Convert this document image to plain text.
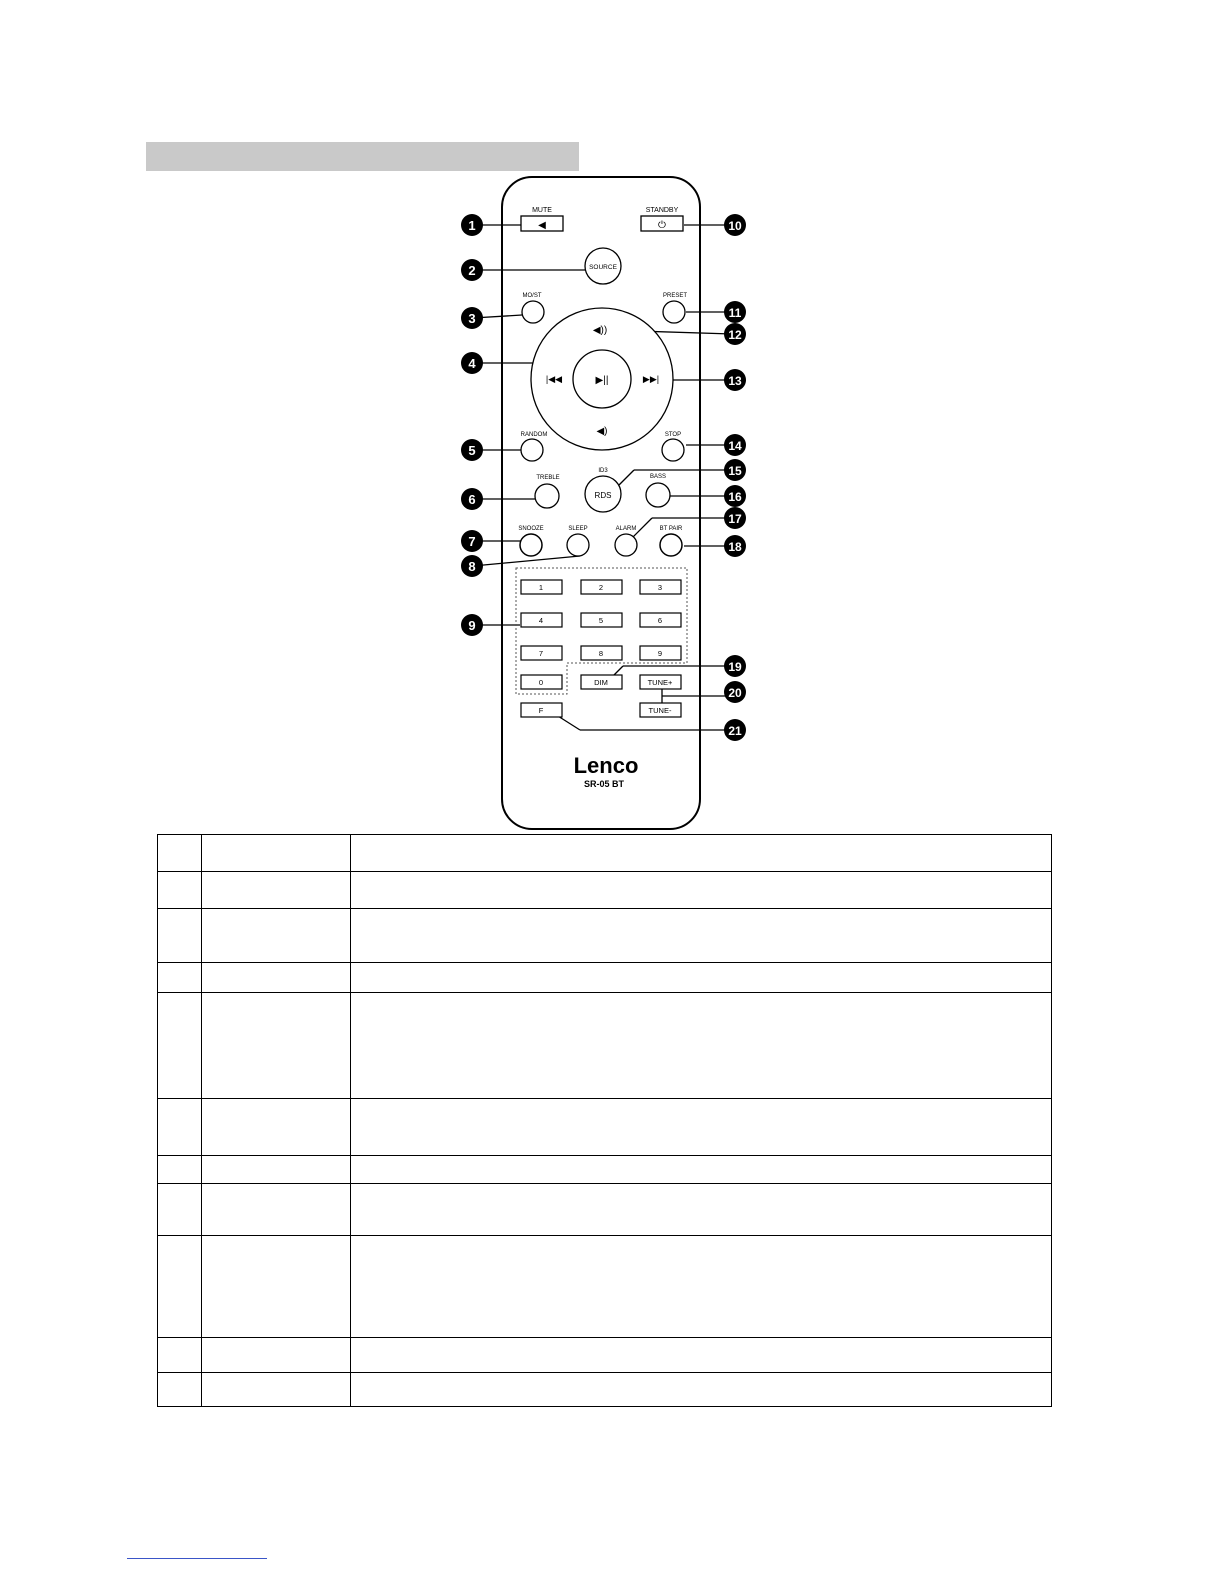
MUTE
◀
STANDBY
⏻
SOURCE
MO/ST	PRESET
▶||
◀))
◀)
|◀◀	▶▶|
RANDOM	STOP
ID3
RDS
TREBLE	BASS
SNOOZE	SLEEP	ALARM	BT PAIR
1	2	3
4	5	6
7	8	9
0	DIM	TUNE+
TUNE-
F
Lenco
SR-05 BT
1
2
3
4
5
6
7
8
9
10
11
12
13
14
15
16
17
18
19
20
21
